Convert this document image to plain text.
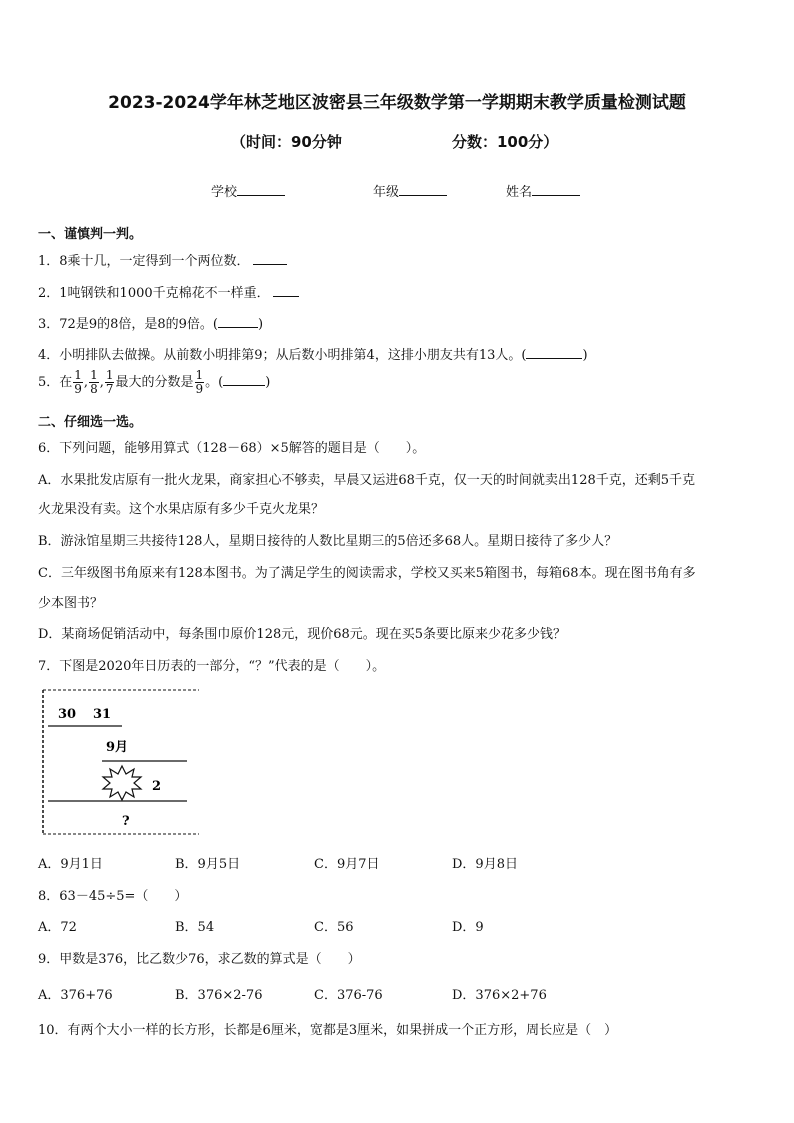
2023-2024学年林芝地区波密县三年级数学第一学期期末教学质量检测试题
（时间：90分钟	分数：100分）
学校	年级	姓名
一、谨慎判一判。
1．8乘十几，一定得到一个两位数．
2．1吨钢铁和1000千克棉花不一样重．
3．72是9的8倍，是8的9倍。(	)
4．小明排队去做操。从前数小明排第9；从后数小明排第4，这排小朋友共有13人。(	)
5．在 $\frac{1}{9}$ , $\frac{1}{8}$ , $\frac{1}{7}$ 最大的分数是 $\frac{1}{9}$ 。(	)
二、仔细选一选。
6．下列问题，能够用算式（128－68）×5解答的题目是（　　）。
A．水果批发店原有一批火龙果，商家担心不够卖，早晨又运进68千克，仅一天的时间就卖出128千克，还剩5千克
火龙果没有卖。这个水果店原有多少千克火龙果？
B．游泳馆星期三共接待128人，星期日接待的人数比星期三的5倍还多68人。星期日接待了多少人？
C．三年级图书角原来有128本图书。为了满足学生的阅读需求，学校又买来5箱图书，每箱68本。现在图书角有多
少本图书？
D．某商场促销活动中，每条围巾原价128元，现价68元。现在买5条要比原来少花多少钱？
7．下图是2020年日历表的一部分，“？”代表的是（　　）。
30 31
9月
2
?
A．9月1日	B．9月5日	C．9月7日	D．9月8日
8．63－45÷5=（　　）
A．72	B．54	C．56	D．9
9．甲数是376，比乙数少76，求乙数的算式是（　　）
A．376+76	B．376×2-76	C．376-76	D．376×2+76
10．有两个大小一样的长方形，长都是6厘米，宽都是3厘米，如果拼成一个正方形，周长应是（　）
